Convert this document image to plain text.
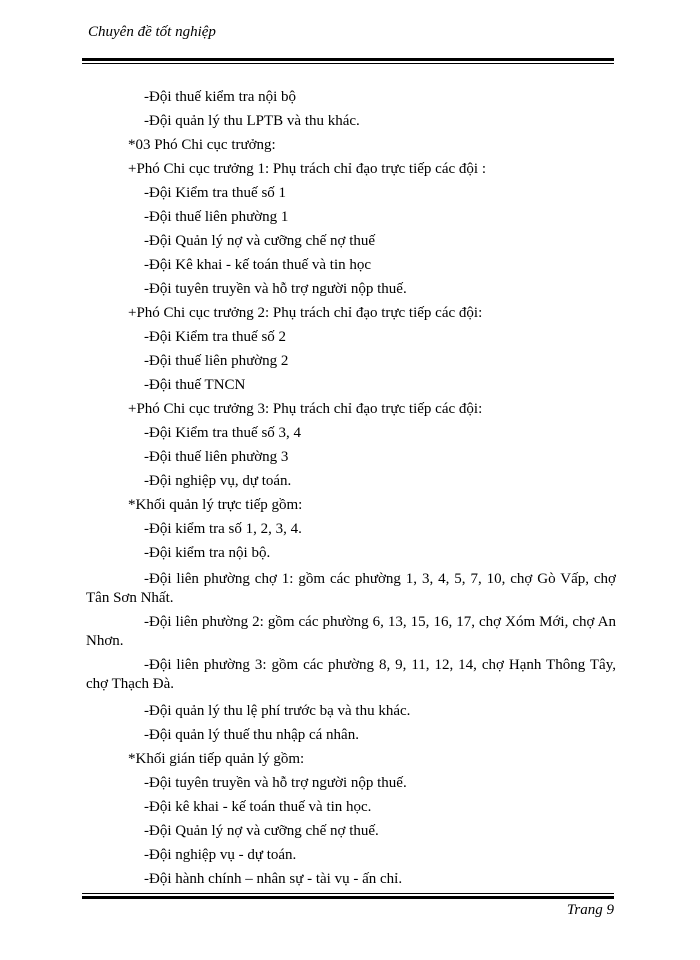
Chuyên đề tốt nghiệp
-Đội thuế kiểm tra nội bộ
-Đội quản lý thu LPTB và thu khác.
*03 Phó Chi cục trưởng:
+Phó Chi cục trưởng 1: Phụ trách chỉ đạo trực tiếp các đội :
-Đội Kiểm tra thuế số 1
-Đội thuế liên phường 1
-Đội Quản lý nợ và cưỡng chế nợ thuế
-Đội Kê khai - kế toán thuế và tin học
-Đội tuyên truyền và hỗ trợ người nộp thuế.
+Phó Chi cục trưởng 2: Phụ trách chỉ đạo trực tiếp các đội:
-Đội Kiểm tra thuế số 2
-Đội thuế liên phường 2
-Đội thuế TNCN
+Phó Chi cục trưởng 3: Phụ trách chỉ đạo trực tiếp các đội:
-Đội Kiểm tra thuế số 3, 4
-Đội thuế liên phường 3
-Đội nghiệp vụ, dự toán.
*Khối quản lý trực tiếp gồm:
-Đội kiểm tra số 1, 2, 3, 4.
-Đội kiểm tra nội bộ.
-Đội liên phường chợ 1: gồm các phường 1, 3, 4, 5, 7, 10, chợ Gò Vấp, chợ Tân Sơn Nhất.
-Đội liên phường 2: gồm các phường 6, 13, 15, 16, 17, chợ Xóm Mới, chợ An Nhơn.
-Đội liên phường 3: gồm các phường 8, 9, 11, 12, 14, chợ Hạnh Thông Tây, chợ Thạch Đà.
-Đội quản lý thu lệ phí trước bạ và thu khác.
-Đội quản lý thuế thu nhập cá nhân.
*Khối gián tiếp quản lý gồm:
-Đội tuyên truyền và hỗ trợ người nộp thuế.
-Đội kê khai - kế toán thuế và tin học.
-Đội Quản lý nợ và cưỡng chế nợ thuế.
-Đội nghiệp vụ - dự toán.
-Đội hành chính – nhân sự - tài vụ - ấn chỉ.
Trang 9
